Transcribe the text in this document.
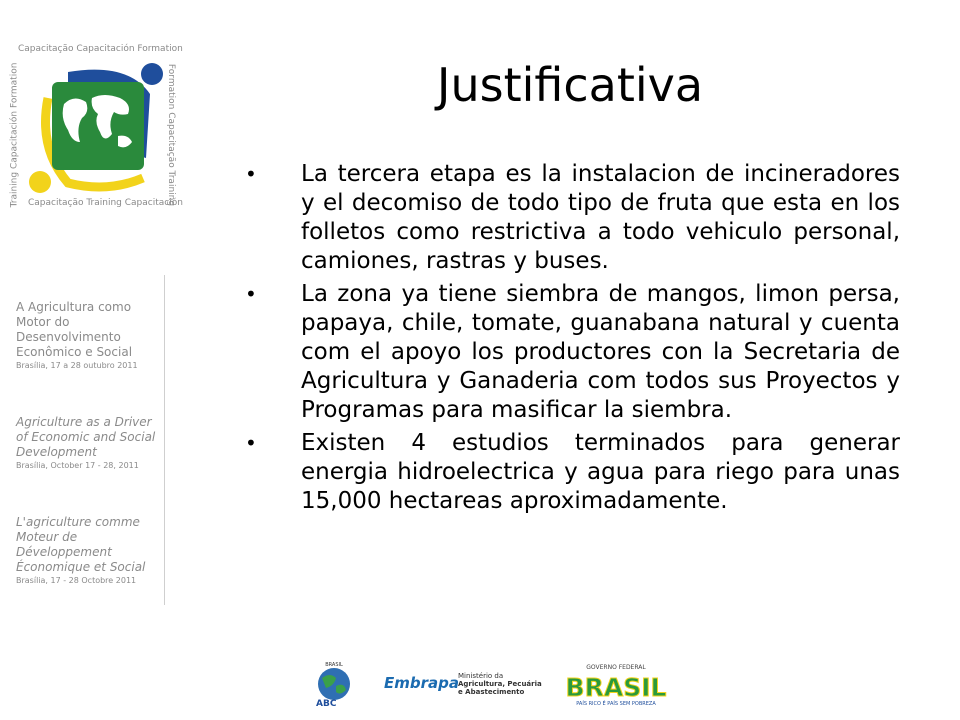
Capacitação Capacitación Formation
Training Capacitación Formation	Formation Capacitação Training
Capacitação Training Capacitación
A Agricultura como Motor do Desenvolvimento Econômico e Social
Brasília, 17 a 28 outubro 2011
Agriculture as a Driver of Economic and Social Development
Brasília, October 17 - 28, 2011
L'agriculture comme Moteur de Développement Économique et Social
Brasília, 17 - 28 Octobre 2011
Justificativa
• La tercera etapa es la instalacion de incineradores y el decomiso de todo tipo de fruta que esta en los folletos como restrictiva a todo vehiculo personal, camiones, rastras y buses.
• La zona ya tiene siembra de mangos, limon persa, papaya, chile, tomate, guanabana natural y cuenta com el apoyo los productores con la Secretaria de Agricultura y Ganaderia com todos sus Proyectos y Programas para masificar la siembra.
• Existen 4 estudios terminados para generar energia hidroelectrica y agua para riego para unas 15,000 hectareas aproximadamente.
BRASIL
ABC
Embrapa Ministério da
Agricultura, Pecuária
e Abastecimento
GOVERNO FEDERAL
BRASIL
PAÍS RICO É PAÍS SEM POBREZA
